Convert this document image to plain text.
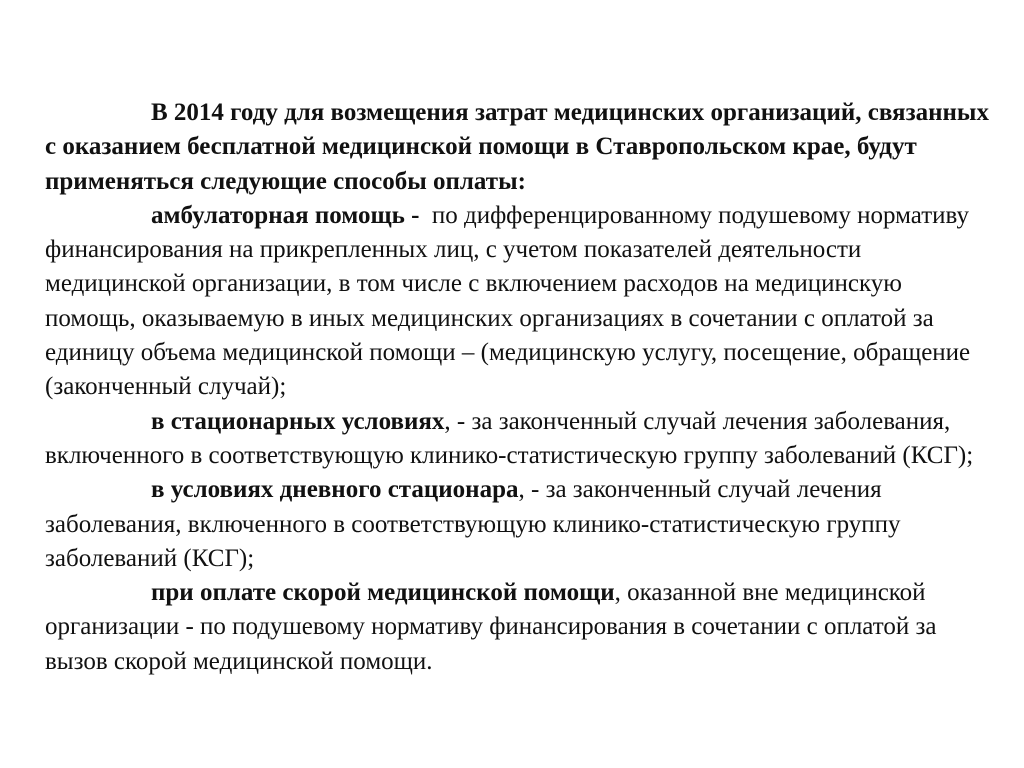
В 2014 году для возмещения затрат медицинских организаций, связанных с оказанием бесплатной медицинской помощи в Ставропольском крае, будут применяться следующие способы оплаты:

амбулаторная помощь -  по дифференцированному подушевому нормативу финансирования на прикрепленных лиц, с учетом показателей деятельности медицинской организации, в том числе с включением расходов на медицинскую помощь, оказываемую в иных медицинских организациях в сочетании с оплатой за единицу объема медицинской помощи – (медицинскую услугу, посещение, обращение (законченный случай);

в стационарных условиях, - за законченный случай лечения заболевания, включенного в соответствующую клинико-статистическую группу заболеваний (КСГ);

в условиях дневного стационара, - за законченный случай лечения заболевания, включенного в соответствующую клинико-статистическую группу заболеваний (КСГ);

при оплате скорой медицинской помощи, оказанной вне медицинской организации - по подушевому нормативу финансирования в сочетании с оплатой за вызов скорой медицинской помощи.
